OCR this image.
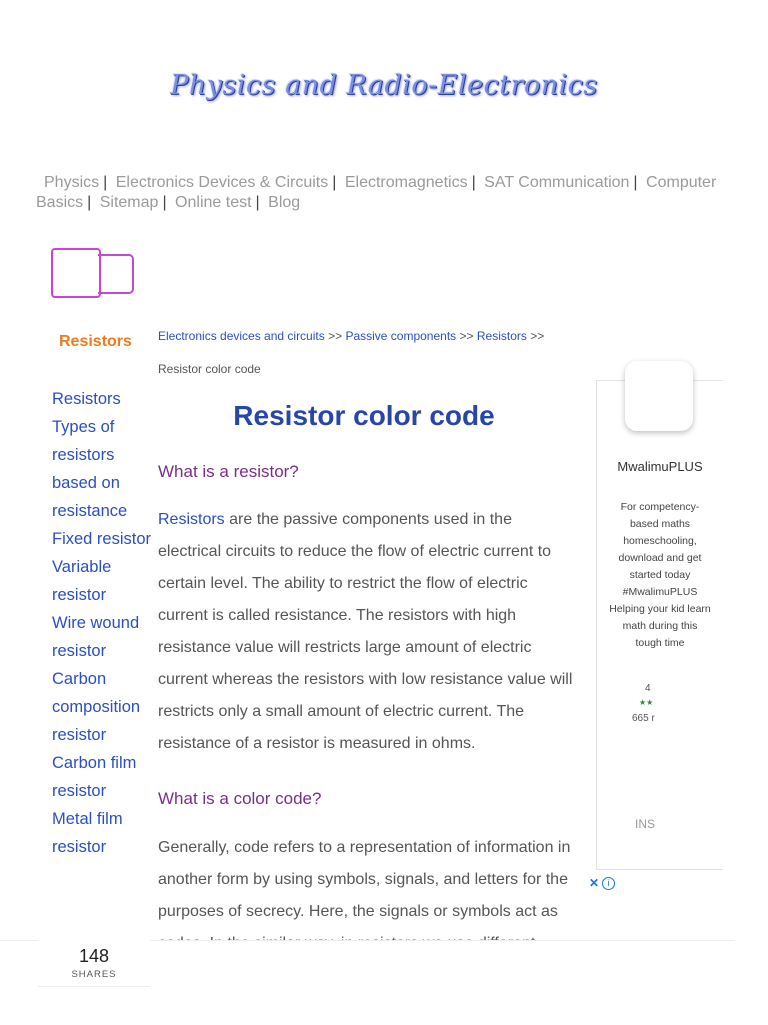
Physics and Radio-Electronics
Physics | Electronics Devices & Circuits | Electromagnetics | SAT Communication | Computer Basics | Sitemap | Online test | Blog
Resistors
Resistors
Types of resistors based on resistance
Fixed resistor
Variable resistor
Wire wound resistor
Carbon composition resistor
Carbon film resistor
Metal film resistor
Electronics devices and circuits >> Passive components >> Resistors >>
Resistor color code
Resistor color code
What is a resistor?

Resistors are the passive components used in the electrical circuits to reduce the flow of electric current to certain level. The ability to restrict the flow of electric current is called resistance. The resistors with high resistance value will restricts large amount of electric current whereas the resistors with low resistance value will restricts only a small amount of electric current. The resistance of a resistor is measured in ohms.

What is a color code?

Generally, code refers to a representation of information in another form by using symbols, signals, and letters for the purposes of secrecy. Here, the signals or symbols act as

MwalimuPLUS
For competency-based maths homeschooling, download and get started today #MwalimuPLUS Helping your kid learn math during this tough time
4
★★
665 r
INS
✕ i
148
SHARES
